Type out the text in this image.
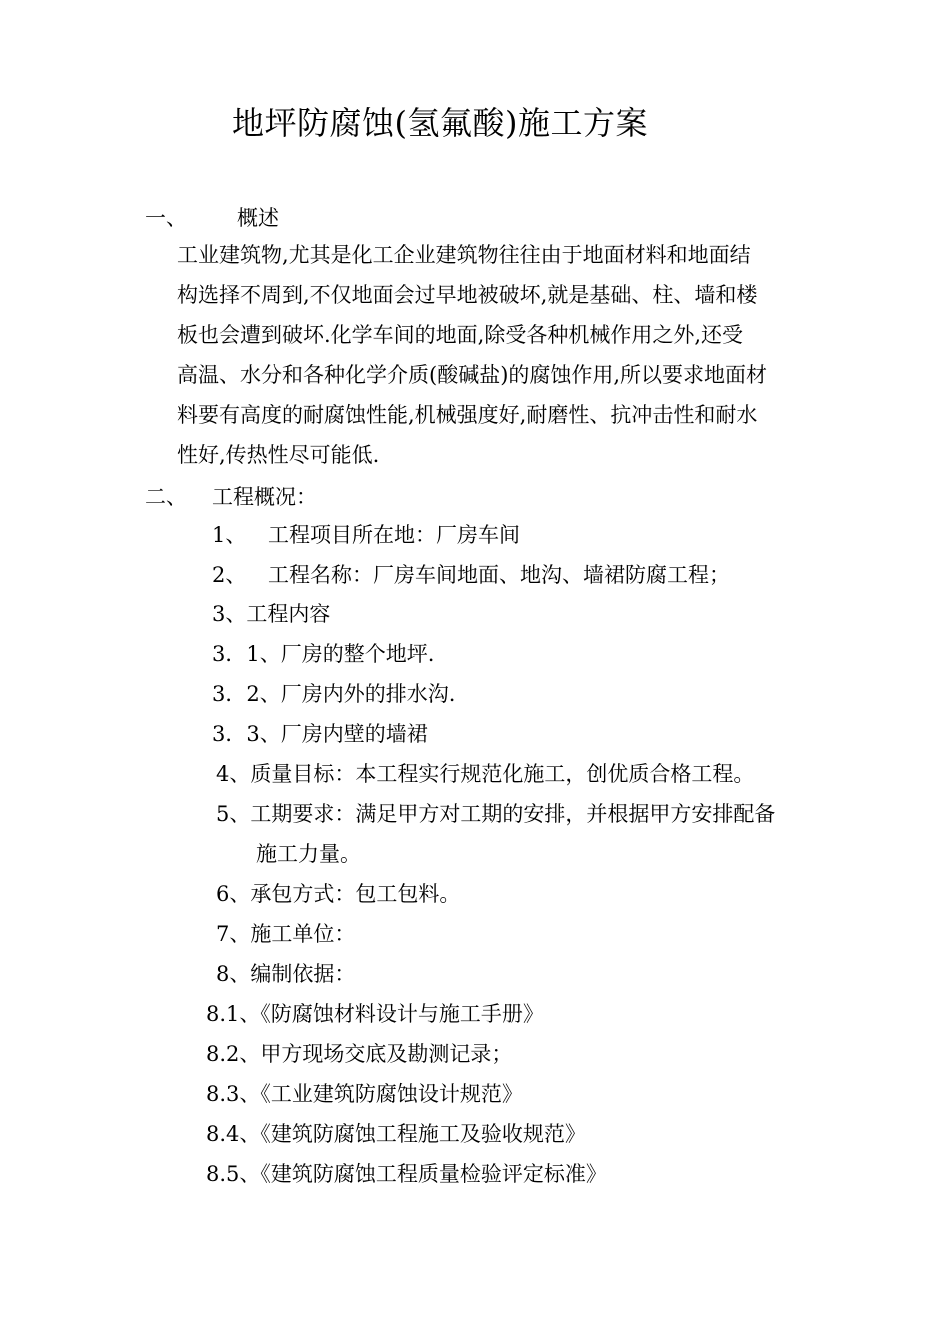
地坪防腐蚀(氢氟酸)施工方案
一、 概述
工业建筑物,尤其是化工企业建筑物往往由于地面材料和地面结
构选择不周到,不仅地面会过早地被破坏,就是基础、柱、墙和楼
板也会遭到破坏.化学车间的地面,除受各种机械作用之外,还受
高温、水分和各种化学介质(酸碱盐)的腐蚀作用,所以要求地面材
料要有高度的耐腐蚀性能,机械强度好,耐磨性、抗冲击性和耐水
性好,传热性尽可能低.
二、 工程概况：
1、 工程项目所在地：厂房车间
2、 工程名称：厂房车间地面、地沟、墙裙防腐工程；
3、工程内容
3．1、厂房的整个地坪.
3．2、厂房内外的排水沟.
3．3、厂房内壁的墙裙
4、质量目标：本工程实行规范化施工，创优质合格工程。
5、工期要求：满足甲方对工期的安排，并根据甲方安排配备
施工力量。
6、承包方式：包工包料。
7、施工单位：
8、编制依据：
8.1、《防腐蚀材料设计与施工手册》
8.2、甲方现场交底及勘测记录；
8.3、《工业建筑防腐蚀设计规范》
8.4、《建筑防腐蚀工程施工及验收规范》
8.5、《建筑防腐蚀工程质量检验评定标准》
